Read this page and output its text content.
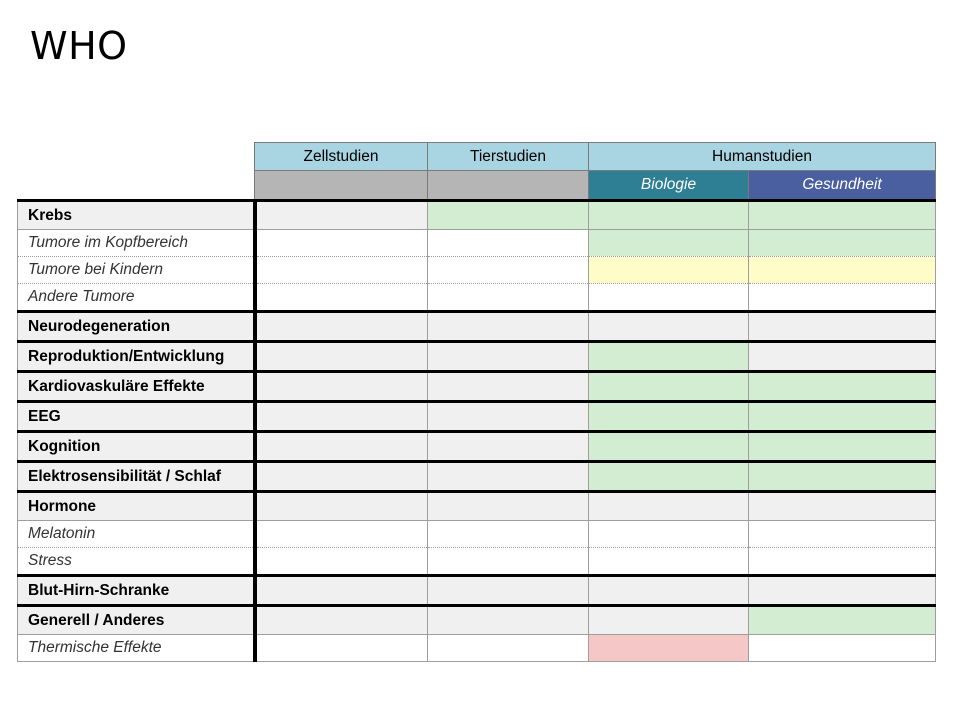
WHO
	Zellstudien	Tierstudien	Humanstudien	
			Biologie	Gesundheit
Krebs				
Tumore im Kopfbereich				
Tumore bei Kindern				
Andere Tumore				
Neurodegeneration				
Reproduktion/Entwicklung				
Kardiovaskuläre Effekte				
EEG				
Kognition				
Elektrosensibilität / Schlaf				
Hormone				
Melatonin				
Stress				
Blut-Hirn-Schranke				
Generell / Anderes				
Thermische Effekte				
